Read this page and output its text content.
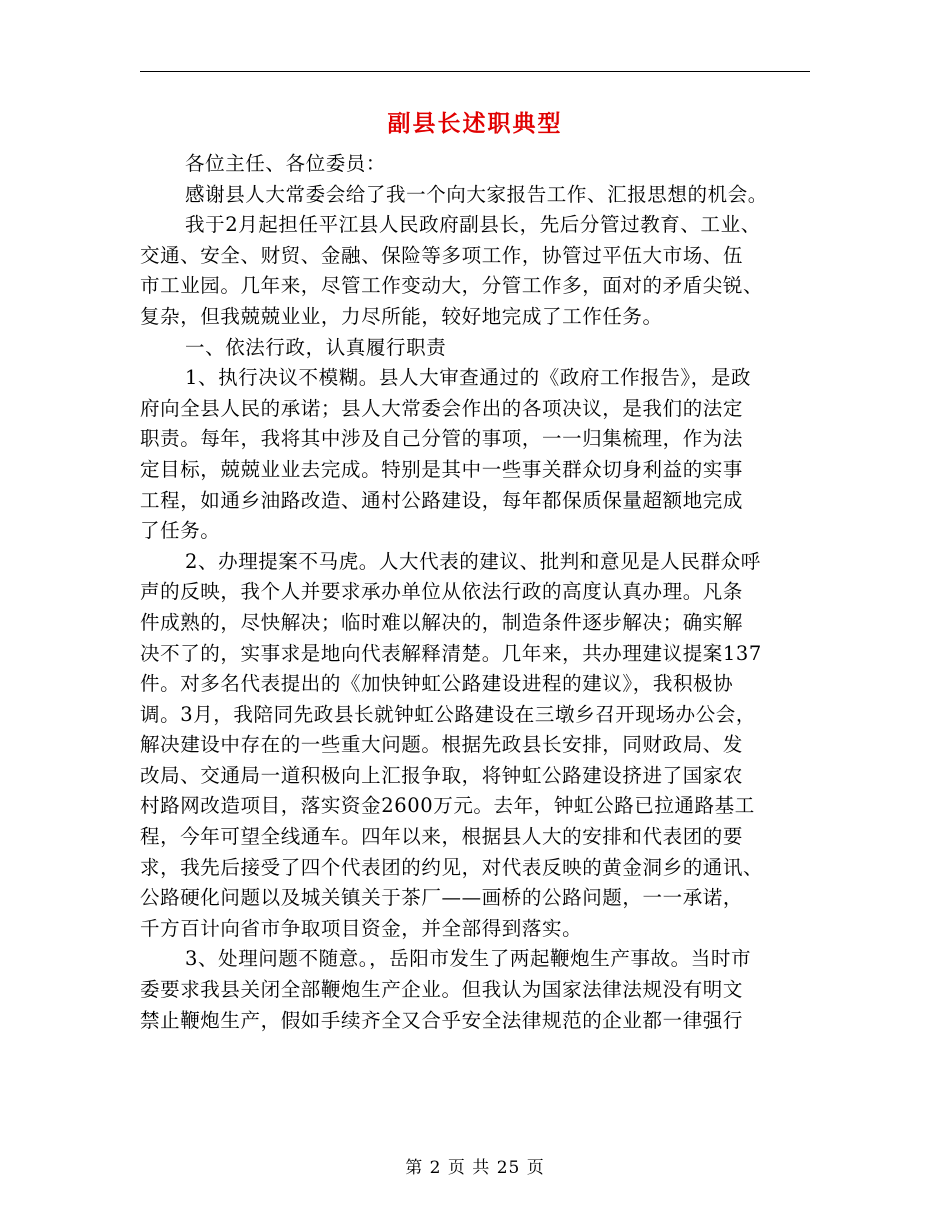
副县长述职典型
各位主任、各位委员：
感谢县人大常委会给了我一个向大家报告工作、汇报思想的机会。
我于2月起担任平江县人民政府副县长，先后分管过教育、工业、
交通、安全、财贸、金融、保险等多项工作，协管过平伍大市场、伍
市工业园。几年来，尽管工作变动大，分管工作多，面对的矛盾尖锐、
复杂，但我兢兢业业，力尽所能，较好地完成了工作任务。
一、依法行政，认真履行职责
1、执行决议不模糊。县人大审查通过的《政府工作报告》，是政
府向全县人民的承诺；县人大常委会作出的各项决议，是我们的法定
职责。每年，我将其中涉及自己分管的事项，一一归集梳理，作为法
定目标，兢兢业业去完成。特别是其中一些事关群众切身利益的实事
工程，如通乡油路改造、通村公路建设，每年都保质保量超额地完成
了任务。
2、办理提案不马虎。人大代表的建议、批判和意见是人民群众呼
声的反映，我个人并要求承办单位从依法行政的高度认真办理。凡条
件成熟的，尽快解决；临时难以解决的，制造条件逐步解决；确实解
决不了的，实事求是地向代表解释清楚。几年来，共办理建议提案137
件。对多名代表提出的《加快钟虹公路建设进程的建议》，我积极协
调。3月，我陪同先政县长就钟虹公路建设在三墩乡召开现场办公会，
解决建设中存在的一些重大问题。根据先政县长安排，同财政局、发
改局、交通局一道积极向上汇报争取，将钟虹公路建设挤进了国家农
村路网改造项目，落实资金2600万元。去年，钟虹公路已拉通路基工
程，今年可望全线通车。四年以来，根据县人大的安排和代表团的要
求，我先后接受了四个代表团的约见，对代表反映的黄金洞乡的通讯、
公路硬化问题以及城关镇关于茶厂——画桥的公路问题，一一承诺，
千方百计向省市争取项目资金，并全部得到落实。
3、处理问题不随意。，岳阳市发生了两起鞭炮生产事故。当时市
委要求我县关闭全部鞭炮生产企业。但我认为国家法律法规没有明文
禁止鞭炮生产，假如手续齐全又合乎安全法律规范的企业都一律强行
第 2 页 共 25 页
